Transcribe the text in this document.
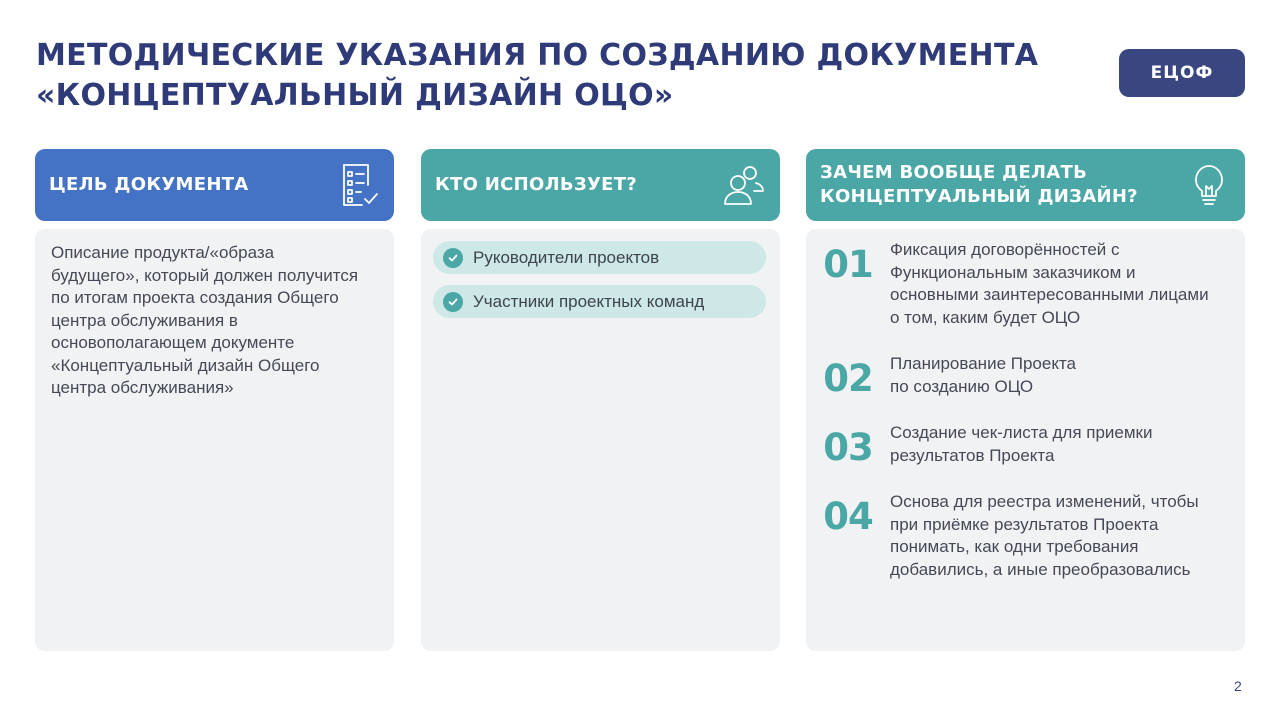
МЕТОДИЧЕСКИЕ УКАЗАНИЯ ПО СОЗДАНИЮ ДОКУМЕНТА
«КОНЦЕПТУАЛЬНЫЙ ДИЗАЙН ОЦО»
ЕЦОФ
ЦЕЛЬ ДОКУМЕНТА

Описание продукта/«образа
будущего», который должен получится
по итогам проекта создания Общего
центра обслуживания в
основополагающем документе
«Концептуальный дизайн Общего
центра обслуживания»

КТО ИСПОЛЬЗУЕТ?
Руководители проектов
Участники проектных команд
ЗАЧЕМ ВООБЩЕ ДЕЛАТЬ
КОНЦЕПТУАЛЬНЫЙ ДИЗАЙН?
01	Фиксация договорённостей с
Функциональным заказчиком и
основными заинтересованными лицами
о том, каким будет ОЦО

02	Планирование Проекта
по созданию ОЦО

03	Создание чек-листа для приемки
результатов Проекта

04	Основа для реестра изменений, чтобы
при приёмке результатов Проекта
понимать, как одни требования
добавились, а иные преобразовались

2
